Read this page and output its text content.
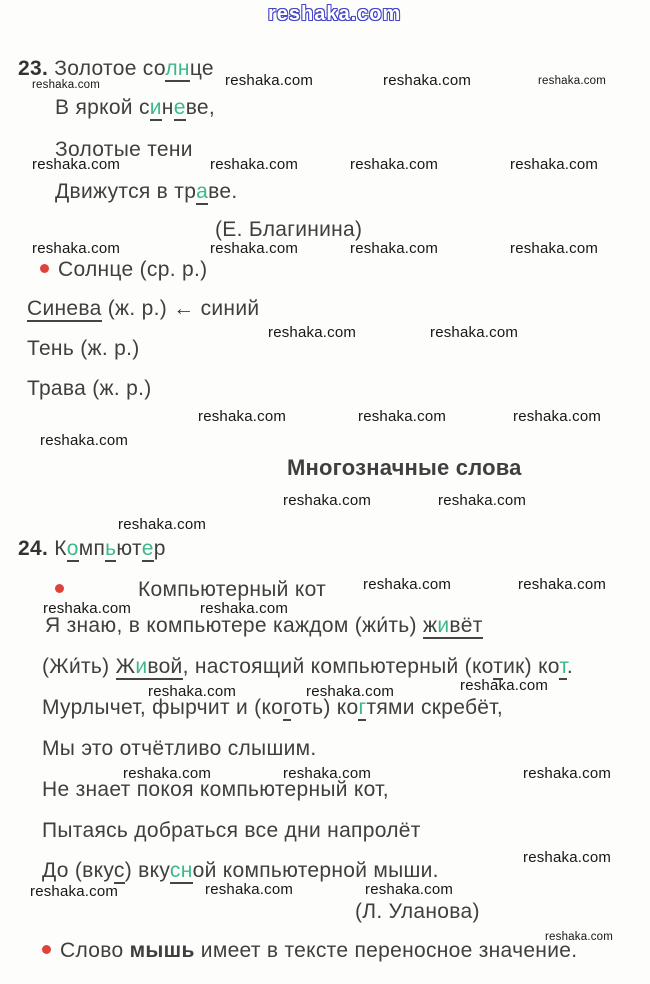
reshaka.com
reshaka.com	reshaka.com	reshaka.com	reshaka.com
reshaka.com	reshaka.com	reshaka.com	reshaka.com
reshaka.com	reshaka.com	reshaka.com	reshaka.com
reshaka.com	reshaka.com
reshaka.com	reshaka.com	reshaka.com
reshaka.com
reshaka.com	reshaka.com
reshaka.com
reshaka.com	reshaka.com
reshaka.com	reshaka.com
reshaka.com	reshaka.com	reshaka.com
reshaka.com	reshaka.com	reshaka.com
reshaka.com
reshaka.com	reshaka.com	reshaka.com
reshaka.com
23. Золотое солнце
В яркой синеве,
Золотые тени
Движутся в траве.
(Е. Благинина)
Солнце (ср. р.)
Синева (ж. р.) ← синий
Тень (ж. р.)
Трава (ж. р.)
Многозначные слова
24. Компьютер
Компьютерный кот
Я знаю, в компьютере каждом (жи́ть) живёт
(Жи́ть) Живой, настоящий компьютерный (котик) кот.
Мурлычет, фырчит и (коготь) когтями скребёт,
Мы это отчётливо слышим.
Не знает покоя компьютерный кот,
Пытаясь добраться все дни напролёт
До (вкус) вкусной компьютерной мыши.
(Л. Уланова)
Слово мышь имеет в тексте переносное значение.
